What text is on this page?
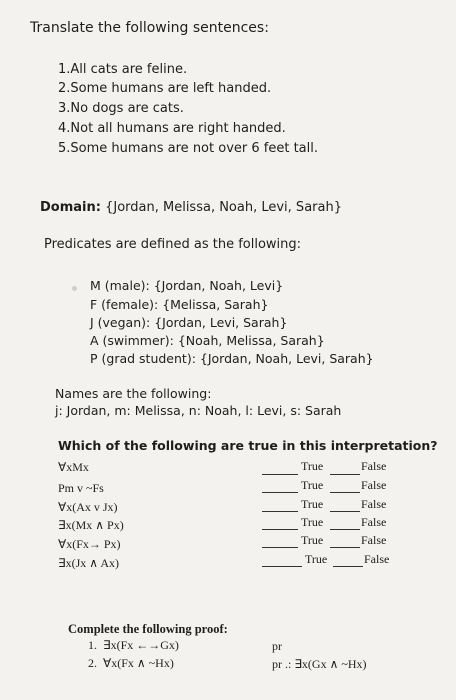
Translate the following sentences:
1.All cats are feline.
2.Some humans are left handed.
3.No dogs are cats.
4.Not all humans are right handed.
5.Some humans are not over 6 feet tall.
Domain: {Jordan, Melissa, Noah, Levi, Sarah}
Predicates are defined as the following:
M (male): {Jordan, Noah, Levi}
F (female): {Melissa, Sarah}
J (vegan): {Jordan, Levi, Sarah}
A (swimmer): {Noah, Melissa, Sarah}
P (grad student): {Jordan, Noah, Levi, Sarah}
Names are the following:
j: Jordan, m: Melissa, n: Noah, l: Levi, s: Sarah
Which of the following are true in this interpretation?
∀xMx	True	False
Pm v ~Fs	True	False
∀x(Ax v Jx)	True	False
∃x(Mx ∧ Px)	True	False
∀x(Fx→ Px)	True	False
∃x(Jx ∧ Ax)	True	False
Complete the following proof:
1. ∃x(Fx ←→Gx)	pr
2. ∀x(Fx ∧ ~Hx)	pr .: ∃x(Gx ∧ ~Hx)
